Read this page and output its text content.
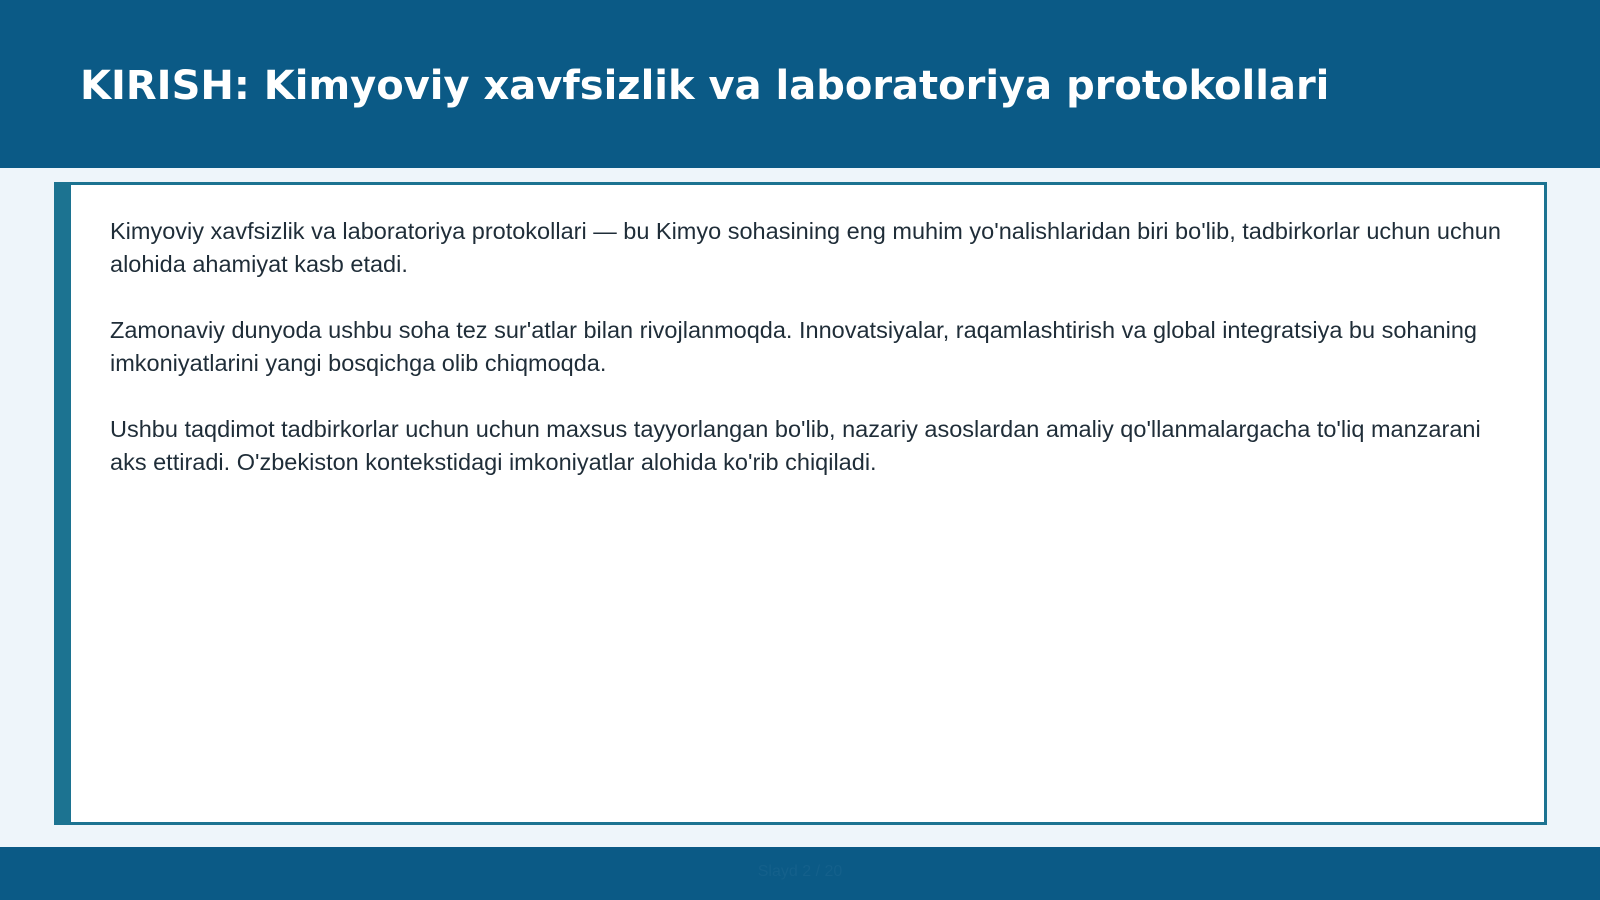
KIRISH: Kimyoviy xavfsizlik va laboratoriya protokollari

Kimyoviy xavfsizlik va laboratoriya protokollari — bu Kimyo sohasining eng muhim yo'nalishlaridan biri bo'lib, tadbirkorlar uchun uchun alohida ahamiyat kasb etadi.

Zamonaviy dunyoda ushbu soha tez sur'atlar bilan rivojlanmoqda. Innovatsiyalar, raqamlashtirish va global integratsiya bu sohaning imkoniyatlarini yangi bosqichga olib chiqmoqda.

Ushbu taqdimot tadbirkorlar uchun uchun maxsus tayyorlangan bo'lib, nazariy asoslardan amaliy qo'llanmalargacha to'liq manzarani aks ettiradi. O'zbekiston kontekstidagi imkoniyatlar alohida ko'rib chiqiladi.

Slayd 2 / 20
